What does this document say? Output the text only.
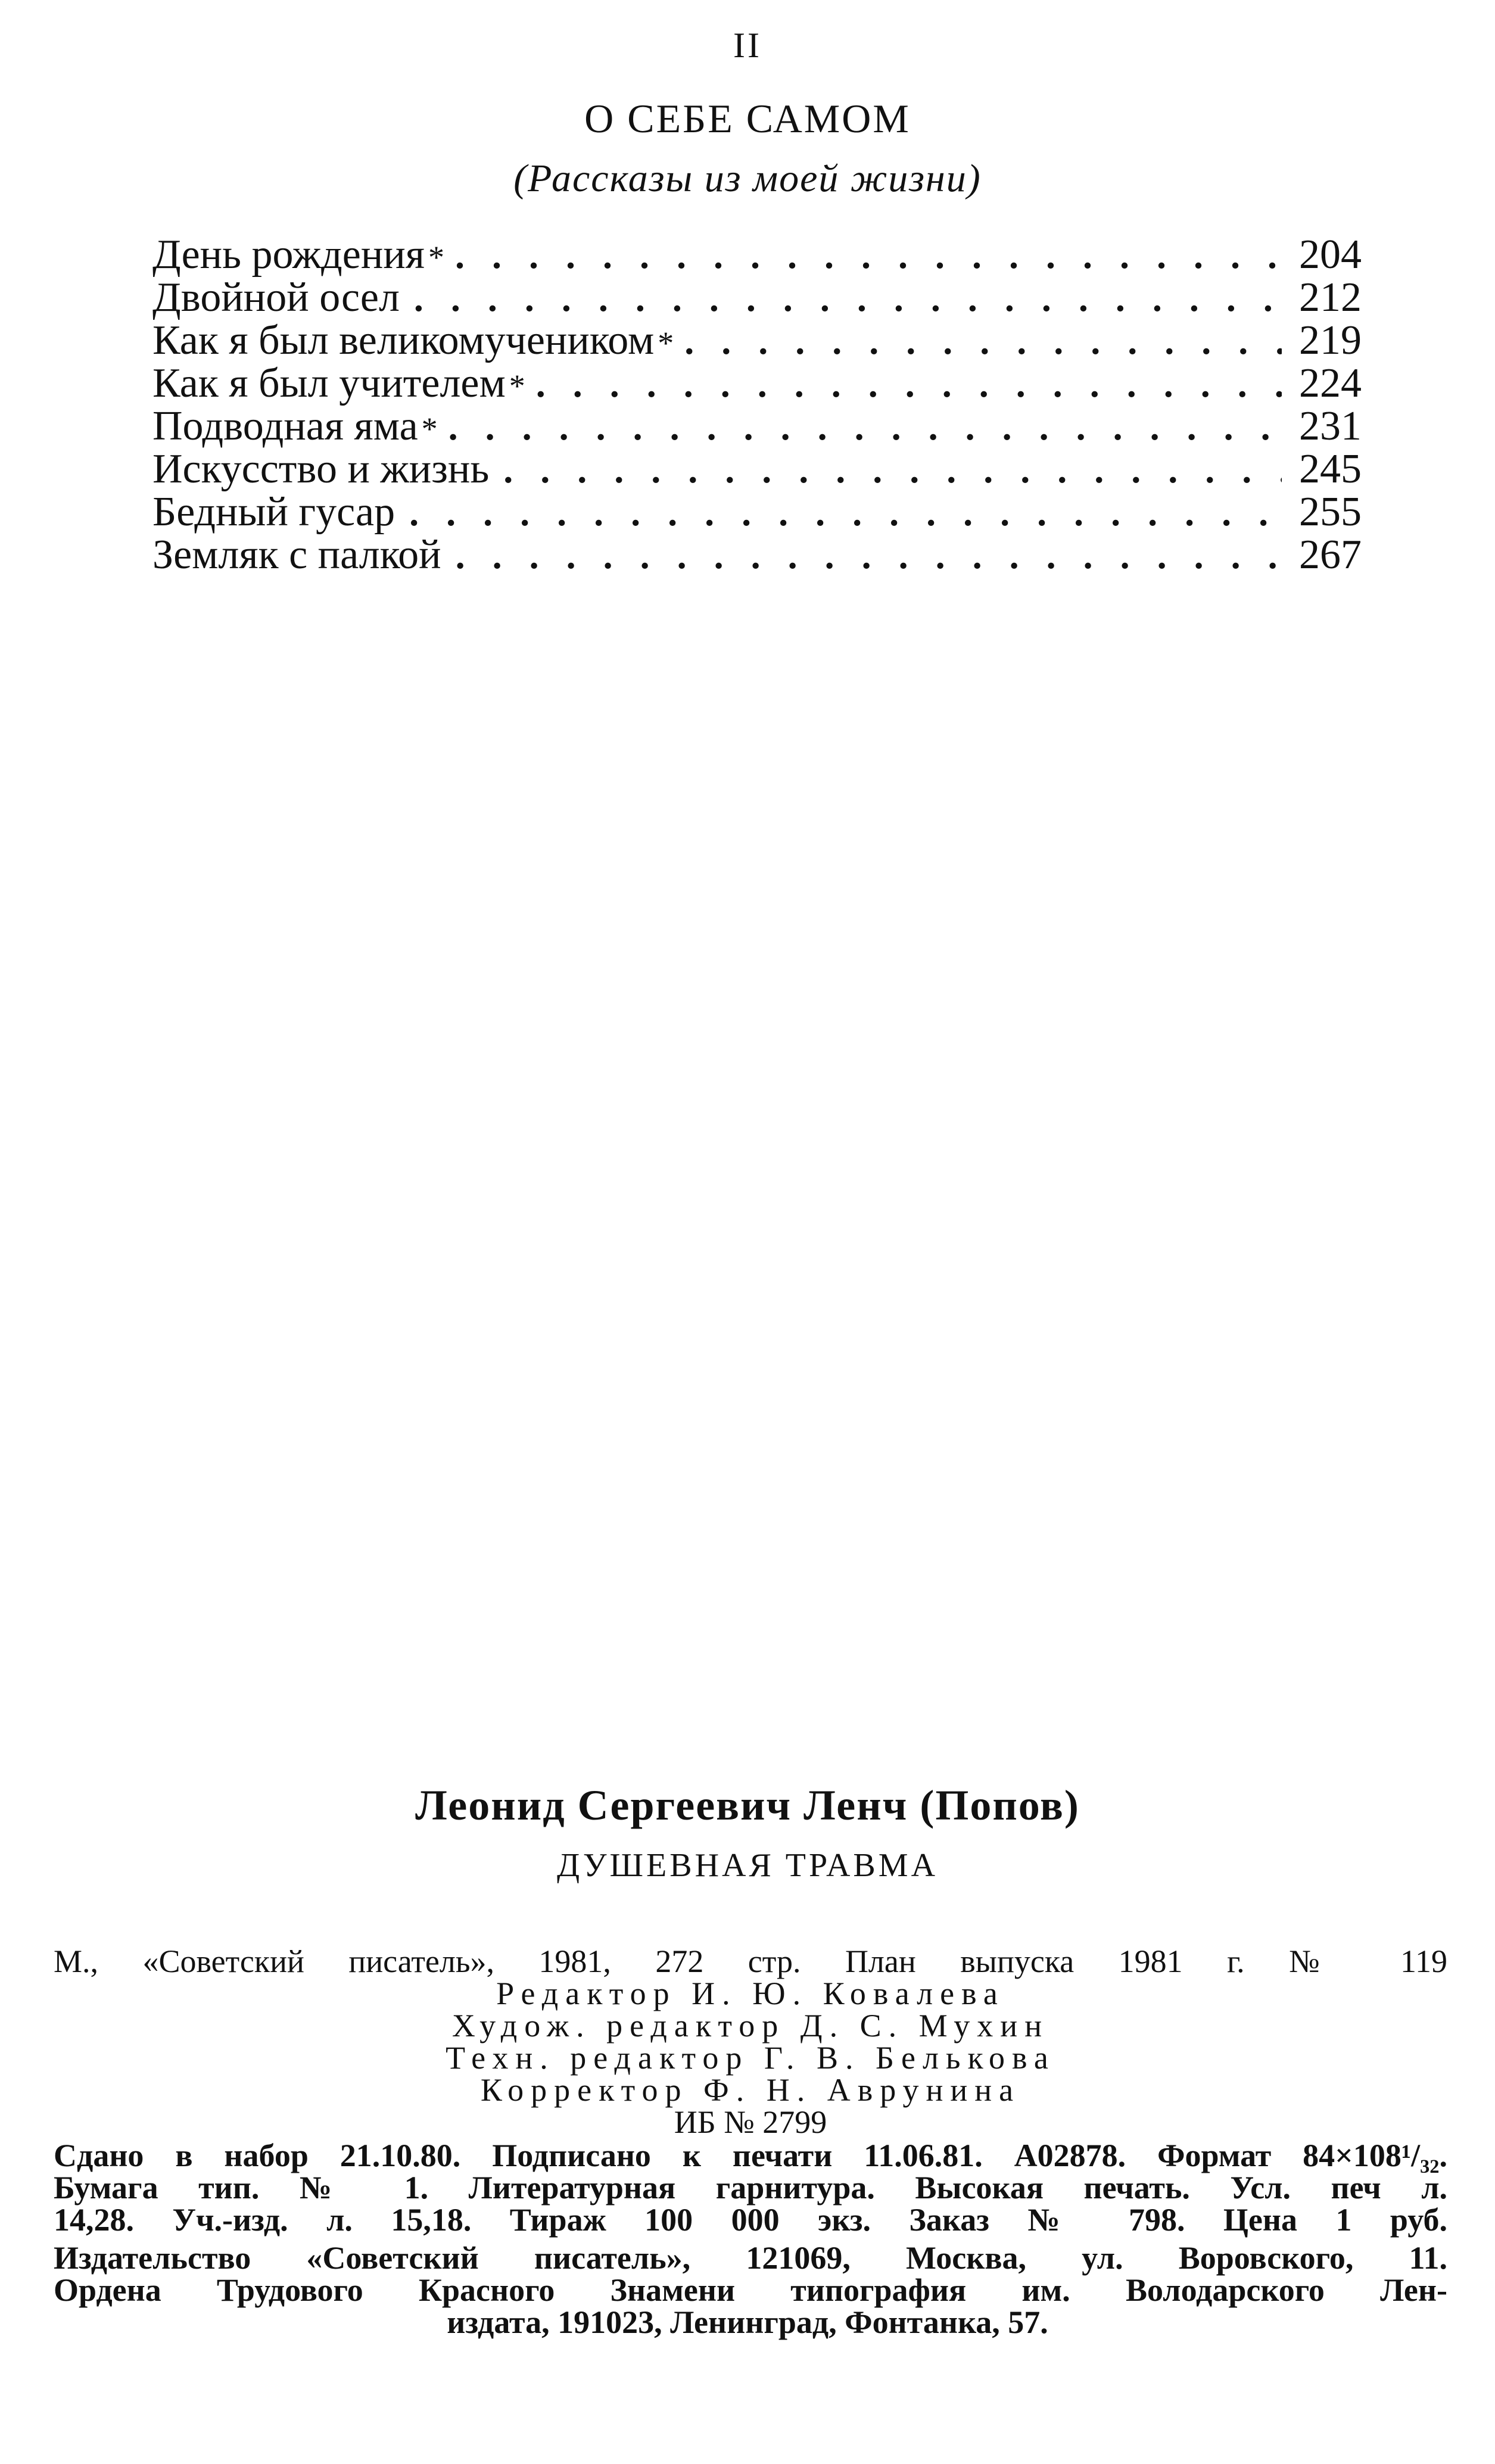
II
О СЕБЕ САМОМ
(Рассказы из моей жизни)
День рождения * . . .	204
Двойной осел . . .	212
Как я был великомучеником * . . .	219
Как я был учителем * . . .	224
Подводная яма * . . .	231
Искусство и жизнь . . .	245
Бедный гусар . . .	255
Земляк с палкой . . .	267
Леонид Сергеевич Ленч (Попов)
ДУШЕВНАЯ ТРАВМА
М., «Советский писатель», 1981, 272 стр. План выпуска 1981 г. № 119
Редактор И. Ю. Ковалева
Худож. редактор Д. С. Мухин
Техн. редактор Г. В. Белькова
Корректор Ф. Н. Аврунина
ИБ № 2799
Сдано в набор 21.10.80. Подписано к печати 11.06.81. А02878. Формат 84×108¹/₃₂.
Бумага тип. № 1. Литературная гарнитура. Высокая печать. Усл. печ л.
14,28. Уч.-изд. л. 15,18. Тираж 100 000 экз. Заказ № 798. Цена 1 руб.
Издательство «Советский писатель», 121069, Москва, ул. Воровского, 11.
Ордена Трудового Красного Знамени типография им. Володарского Лен-
издата, 191023, Ленинград, Фонтанка, 57.
